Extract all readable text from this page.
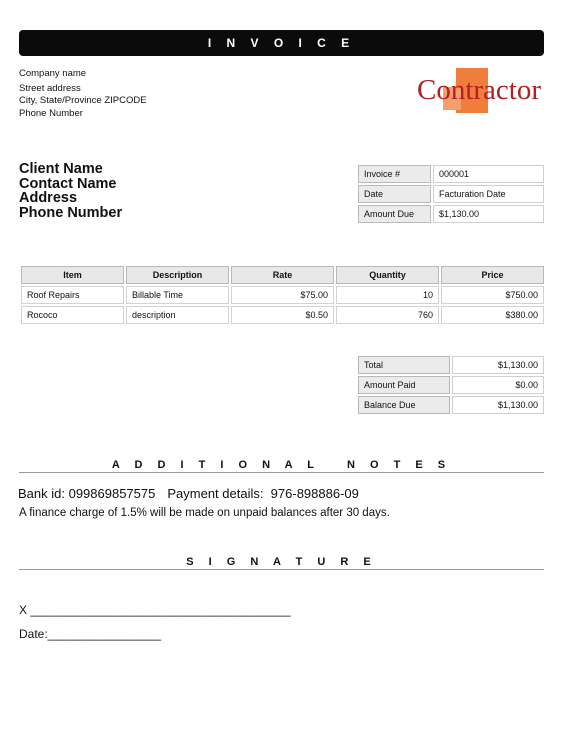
I N V O I C E
Company name
Street address
City, State/Province ZIPCODE
Phone Number
Contractor
Client Name
Contact Name
Address
Phone Number
Invoice #	000001
Date	Facturation Date
Amount Due	$1,130.00
Item	Description	Rate	Quantity	Price
Roof Repairs	Billable Time	$75.00	10	$750.00
Rococo	description	$0.50	760	$380.00
Total	$1,130.00
Amount Paid	$0.00
Balance Due	$1,130.00
A D D I T I O N A L   N O T E S
Bank id: 099869857575 Payment details:  976-898886-09
A finance charge of 1.5% will be made on unpaid balances after 30 days.
S I G N A T U R E
X _______________________________________
Date:_________________
